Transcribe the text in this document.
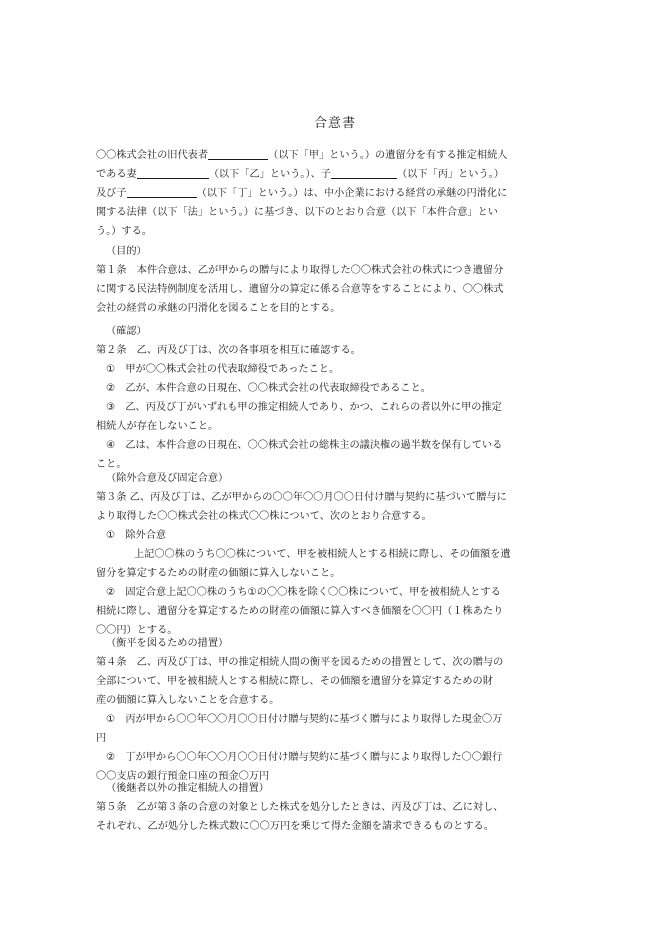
合意書
〇〇株式会社の旧代表者	（以下「甲」という。）の遺留分を有する推定相続人
である妻	（以下「乙」という。）、子	（以下「丙」という。）
及び子	（以下「丁」という。）は、中小企業における経営の承継の円滑化に
関する法律（以下「法」という。）に基づき、以下のとおり合意（以下「本件合意」とい
う。）する。
（目的）
第１条　本件合意は、乙が甲からの贈与により取得した〇〇株式会社の株式につき遺留分
に関する民法特例制度を活用し、遺留分の算定に係る合意等をすることにより、〇〇株式
会社の経営の承継の円滑化を図ることを目的とする。
（確認）
第２条　乙、丙及び丁は、次の各事項を相互に確認する。
①　甲が〇〇株式会社の代表取締役であったこと。
②　乙が、本件合意の日現在、〇〇株式会社の代表取締役であること。
③　乙、丙及び丁がいずれも甲の推定相続人であり、かつ、これらの者以外に甲の推定
相続人が存在しないこと。
④　乙は、本件合意の日現在、〇〇株式会社の総株主の議決権の過半数を保有している
こと。
（除外合意及び固定合意）
第３条 乙、丙及び丁は、乙が甲からの〇〇年〇〇月〇〇日付け贈与契約に基づいて贈与に
より取得した〇〇株式会社の株式〇〇株について、次のとおり合意する。
①　除外合意
上記〇〇株のうち〇〇株について、甲を被相続人とする相続に際し、その価額を遺
留分を算定するための財産の価額に算入しないこと。
②　固定合意上記〇〇株のうち①の〇〇株を除く〇〇株について、甲を被相続人とする
相続に際し、遺留分を算定するための財産の価額に算入すべき価額を〇〇円（１株あたり
〇〇円）とする。
（衡平を図るための措置）
第４条　乙、丙及び丁は、甲の推定相続人間の衡平を図るための措置として、次の贈与の
全部について、甲を被相続人とする相続に際し、その価額を遺留分を算定するための財
産の価額に算入しないことを合意する。
①　丙が甲から〇〇年〇〇月〇〇日付け贈与契約に基づく贈与により取得した現金〇万
円
②　丁が甲から〇〇年〇〇月〇〇日付け贈与契約に基づく贈与により取得した〇〇銀行
〇〇支店の銀行預金口座の預金〇万円
（後継者以外の推定相続人の措置）
第５条　乙が第３条の合意の対象とした株式を処分したときは、丙及び丁は、乙に対し、
それぞれ、乙が処分した株式数に〇〇万円を乗じて得た金額を請求できるものとする。
